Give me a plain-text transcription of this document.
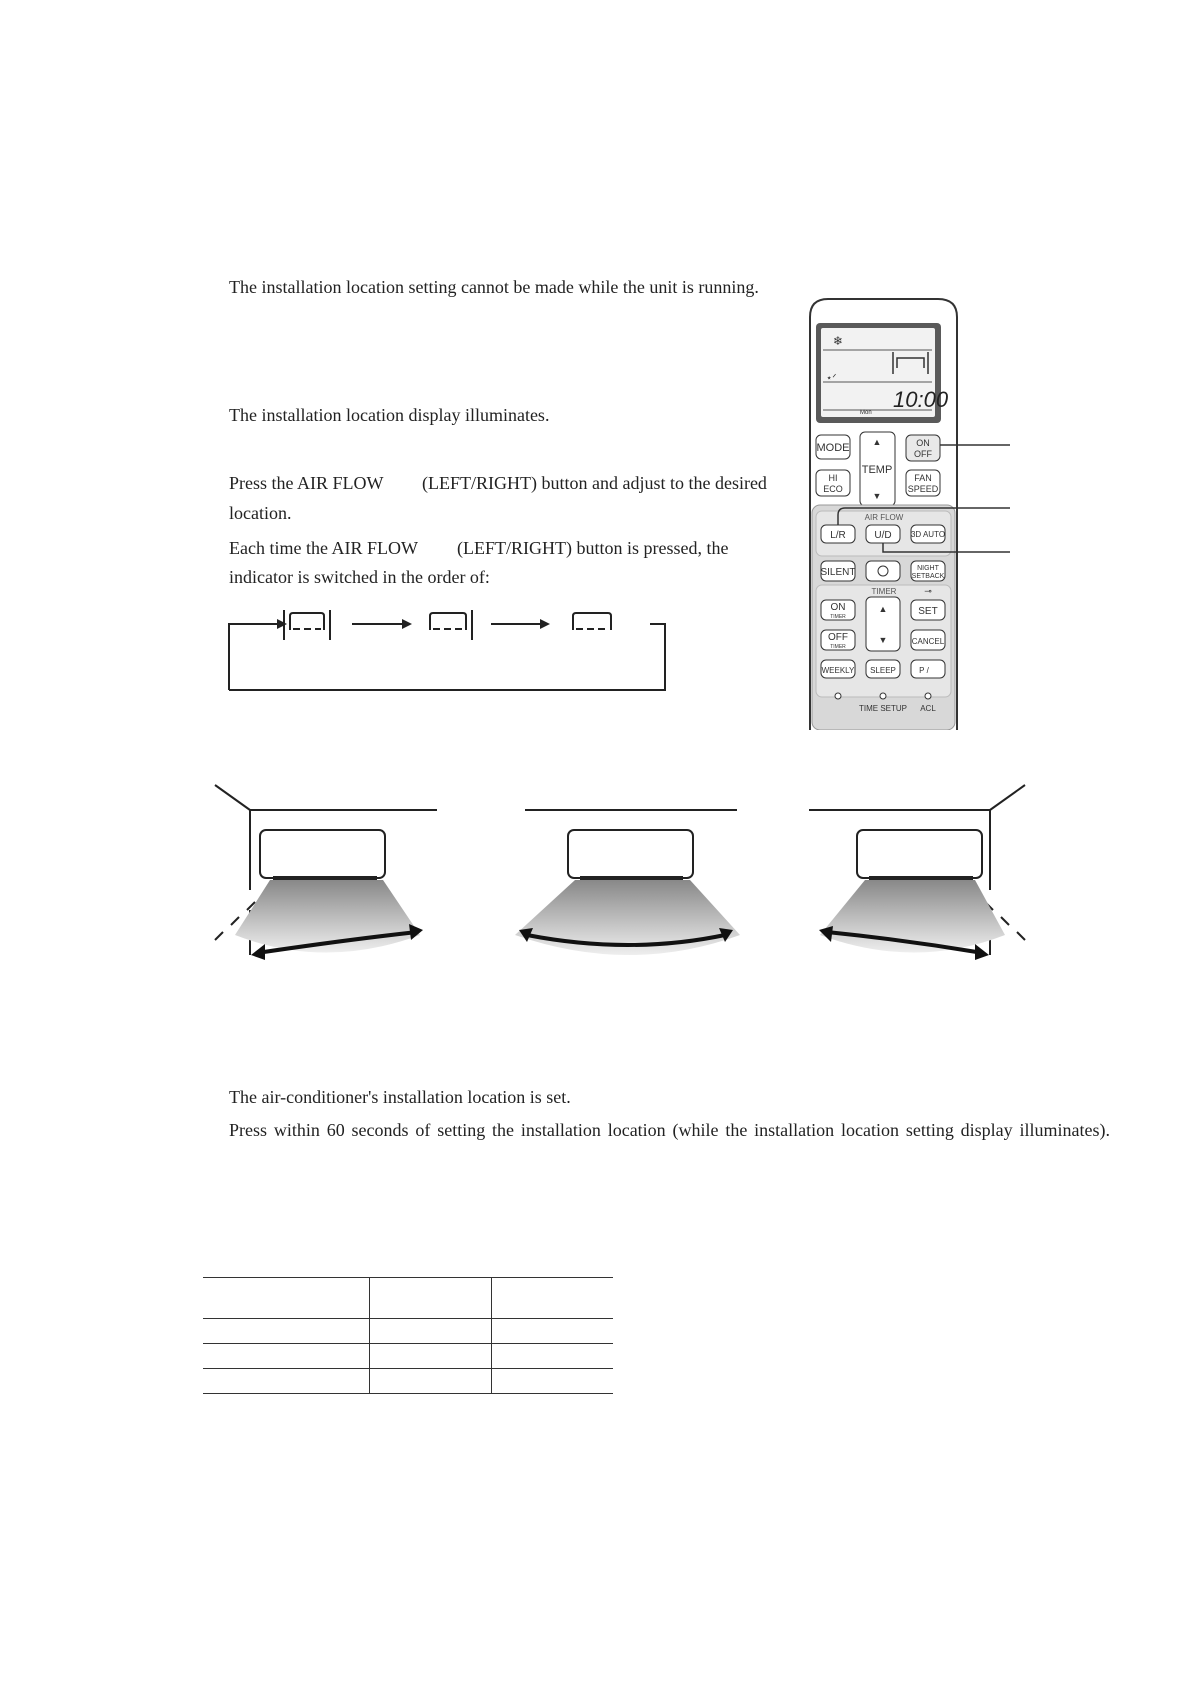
The installation location setting cannot be made while the unit is running.

The installation location display illuminates.

Press the AIR FLOW (LEFT/RIGHT) button and adjust to the desired

location.

Each time the AIR FLOW (LEFT/RIGHT) button is pressed, the

indicator is switched in the order of:

❄
⋆ᐟ
10:00
Mon
MODE	▲
TEMP
▼
ON
OFF
HI
ECO
FAN
SPEED
AIR FLOW
L/R	U/D 3D AUTO
SILENT	NIGHT
SETBACK
TIMER	⊸
ON
TIMER
▲
▼
SET
OFF
TIMER
CANCEL
WEEKLY SLEEP	P /
TIME SETUP ACL

The air-conditioner's installation location is set.

Press within 60 seconds of setting the installation location (while the installation location setting display illuminates).
